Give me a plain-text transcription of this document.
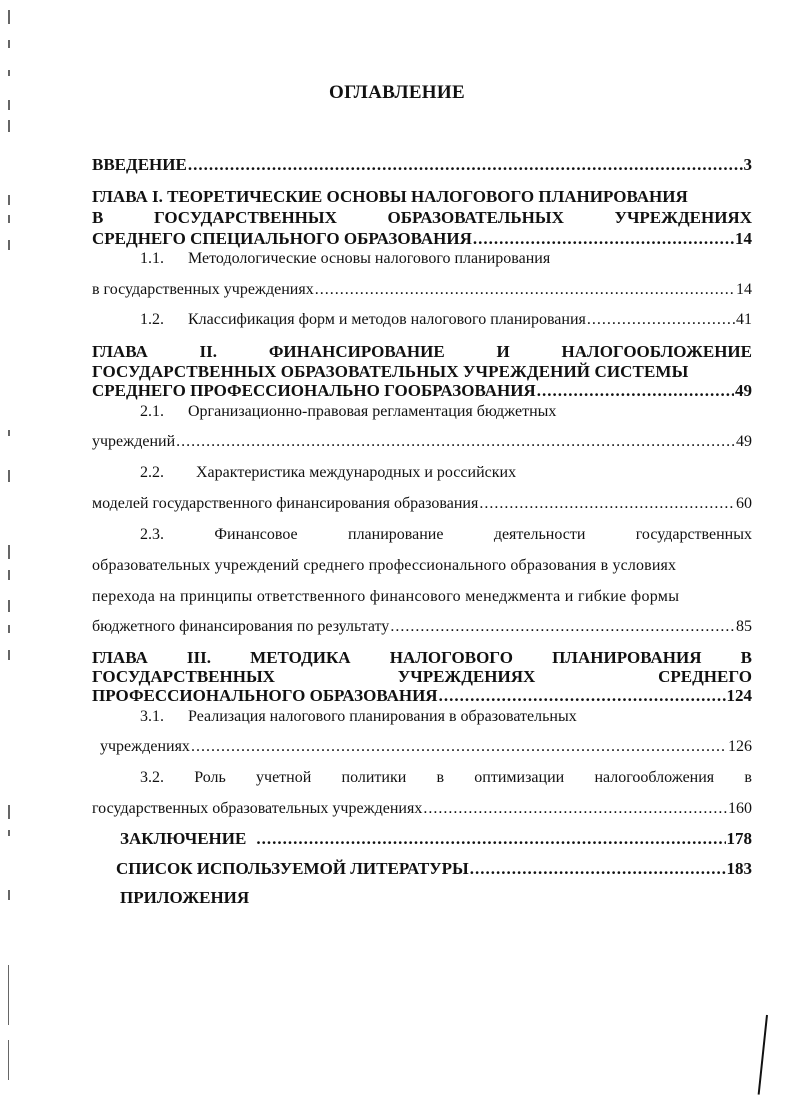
ОГЛАВЛЕНИЕ
ВВЕДЕНИЕ .....	3
ГЛАВА I. ТЕОРЕТИЧЕСКИЕ ОСНОВЫ НАЛОГОВОГО ПЛАНИРОВАНИЯ
В	ГОСУДАРСТВЕННЫХ	ОБРАЗОВАТЕЛЬНЫХ	УЧРЕЖДЕНИЯХ
СРЕДНЕГО СПЕЦИАЛЬНОГО ОБРАЗОВАНИЯ .....	14
1.1. Методологические основы налогового планирования
в государственных учреждениях .....	14
1.2.	Классификация форм и методов налогового планирования .....	41
ГЛАВА	II.	ФИНАНСИРОВАНИЕ	И	НАЛОГООБЛОЖЕНИЕ
ГОСУДАРСТВЕННЫХ ОБРАЗОВАТЕЛЬНЫХ УЧРЕЖДЕНИЙ СИСТЕМЫ
СРЕДНЕГО ПРОФЕССИОНАЛЬНО ГООБРАЗОВАНИЯ .....	49
2.1. Организационно-правовая регламентация бюджетных
учреждений .....	49
2.2. Характеристика международных и российских
моделей государственного финансирования образования .....	60
2.3.	Финансовое	планирование	деятельности	государственных
образовательных учреждений среднего профессионального образования в условиях
перехода на принципы ответственного финансового менеджмента и гибкие формы
бюджетного финансирования по результату .....	85
ГЛАВА III. МЕТОДИКА НАЛОГОВОГО ПЛАНИРОВАНИЯ В
ГОСУДАРСТВЕННЫХ	УЧРЕЖДЕНИЯХ	СРЕДНЕГО
ПРОФЕССИОНАЛЬНОГО ОБРАЗОВАНИЯ .....	124
3.1. Реализация налогового планирования в образовательных
учреждениях .....	126
3.2. Роль учетной политики в оптимизации налогообложения в
государственных образовательных учреждениях .....	160
ЗАКЛЮЧЕНИЕ .....	178
СПИСОК ИСПОЛЬЗУЕМОЙ ЛИТЕРАТУРЫ .....	183
ПРИЛОЖЕНИЯ
